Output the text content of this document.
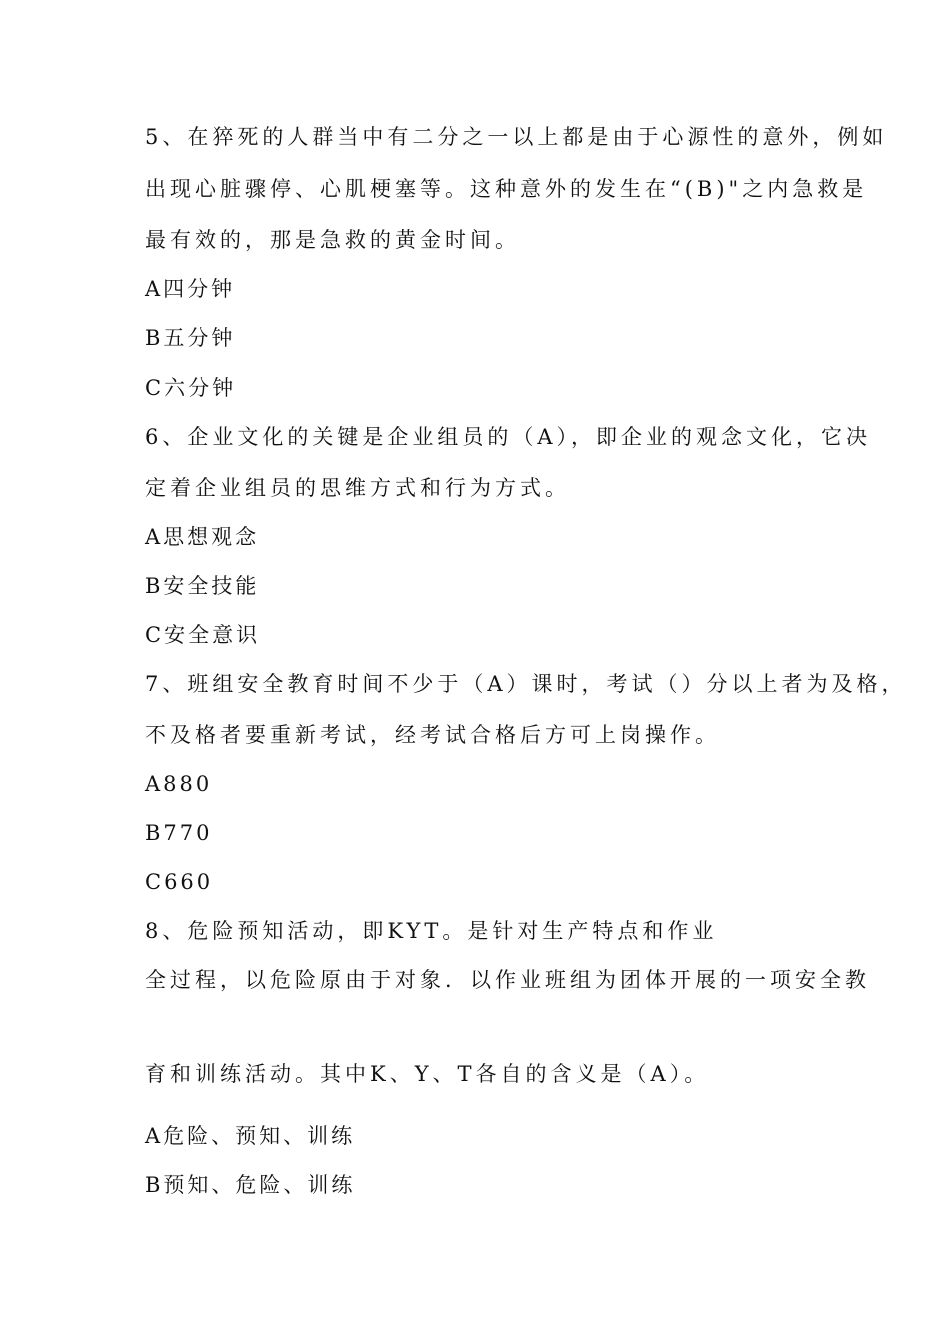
5、在猝死的人群当中有二分之一以上都是由于心源性的意外，例如
出现心脏骤停、心肌梗塞等。这种意外的发生在“(B)"之内急救是
最有效的，那是急救的黄金时间。
A四分钟
B五分钟
C六分钟
6、企业文化的关键是企业组员的（A），即企业的观念文化，它决
定着企业组员的思维方式和行为方式。
A思想观念
B安全技能
C安全意识
7、班组安全教育时间不少于（A）课时，考试（）分以上者为及格，
不及格者要重新考试，经考试合格后方可上岗操作。
A880
B770
C660
8、危险预知活动，即KYT。是针对生产特点和作业
全过程，以危险原由于对象．以作业班组为团体开展的一项安全教
育和训练活动。其中K、Y、T各自的含义是（A）。
A危险、预知、训练
B预知、危险、训练
